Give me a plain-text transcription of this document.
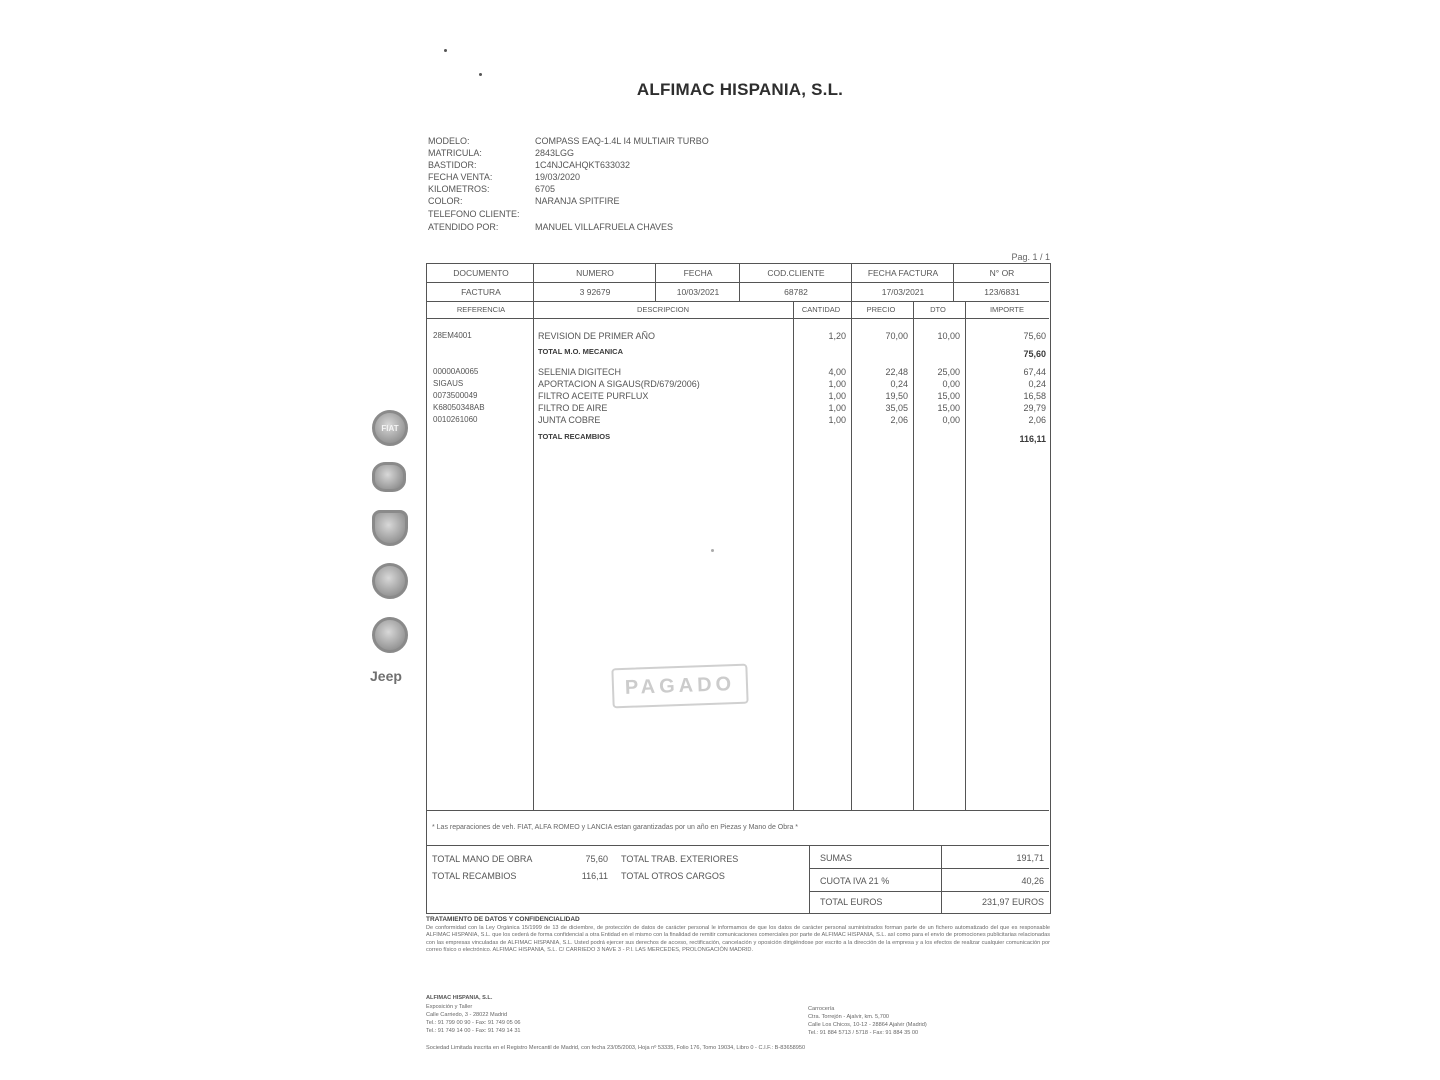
ALFIMAC HISPANIA, S.L.
MODELO:	COMPASS EAQ-1.4L I4 MULTIAIR TURBO
MATRICULA:	2843LGG
BASTIDOR:	1C4NJCAHQKT633032
FECHA VENTA:	19/03/2020
KILOMETROS:	6705
COLOR:	NARANJA SPITFIRE
TELEFONO CLIENTE:
ATENDIDO POR:	MANUEL VILLAFRUELA CHAVES
Pag. 1 / 1
FIAT
Jeep
DOCUMENTO	NUMERO	FECHA	COD.CLIENTE	FECHA FACTURA	N° OR
FACTURA	3 92679	10/03/2021	68782	17/03/2021	123/6831
REFERENCIA	DESCRIPCION	CANTIDAD	PRECIO	DTO	IMPORTE
28EM4001	REVISION DE PRIMER AÑO	1,20	70,00	10,00	75,60
TOTAL M.O. MECANICA	75,60
00000A0065	SELENIA DIGITECH	4,00	22,48	25,00	67,44
SIGAUS	APORTACION A SIGAUS(RD/679/2006)	1,00	0,24	0,00	0,24
0073500049	FILTRO ACEITE PURFLUX	1,00	19,50	15,00	16,58
K68050348AB	FILTRO DE AIRE	1,00	35,05	15,00	29,79
0010261060	JUNTA COBRE	1,00	2,06	0,00	2,06
TOTAL RECAMBIOS	116,11
PAGADO
* Las reparaciones de veh. FIAT, ALFA ROMEO y LANCIA estan garantizadas por un año en Piezas y Mano de Obra *
TOTAL MANO DE OBRA	75,60 TOTAL TRAB. EXTERIORES
TOTAL RECAMBIOS	116,11 TOTAL OTROS CARGOS
SUMAS	191,71
CUOTA IVA 21 %	40,26
TOTAL EUROS	231,97 EUROS
TRATAMIENTO DE DATOS Y CONFIDENCIALIDAD
De conformidad con la Ley Orgánica 15/1999 de 13 de diciembre, de protección de datos de carácter personal le informamos de que los datos de carácter personal suministrados forman parte de un fichero automatizado del que es responsable ALFIMAC HISPANIA, S.L. que los cederá de forma confidencial a otra Entidad en el mismo con la finalidad de remitir comunicaciones comerciales por parte de ALFIMAC HISPANIA, S.L. así como para el envío de promociones publicitarias relacionadas con las empresas vinculadas de ALFIMAC HISPANIA, S.L. Usted podrá ejercer sus derechos de acceso, rectificación, cancelación y oposición dirigiéndose por escrito a la dirección de la empresa y a los efectos de realizar cualquier comunicación por correo físico o electrónico. ALFIMAC HISPANIA, S.L. C/ CARRIEDO 3 NAVE 3 - P.I. LAS MERCEDES, PROLONGACIÓN MADRID.
ALFIMAC HISPANIA, S.L.
Exposición y Taller
Calle Carriedo, 3 - 28022 Madrid
Tel.: 91 799 00 90 - Fax: 91 749 05 06
Tel.: 91 749 14 00 - Fax: 91 749 14 31
Carrocería
Ctra. Torrejón - Ajalvir, km. 5,700
Calle Los Chicos, 10-12 - 28864 Ajalvir (Madrid)
Tel.: 91 884 5713 / 5718 - Fax: 91 884 35 00
Sociedad Limitada inscrita en el Registro Mercantil de Madrid, con fecha 23/05/2003, Hoja nº 53335, Folio 176, Tomo 19034, Libro 0 - C.I.F.: B-83658950
